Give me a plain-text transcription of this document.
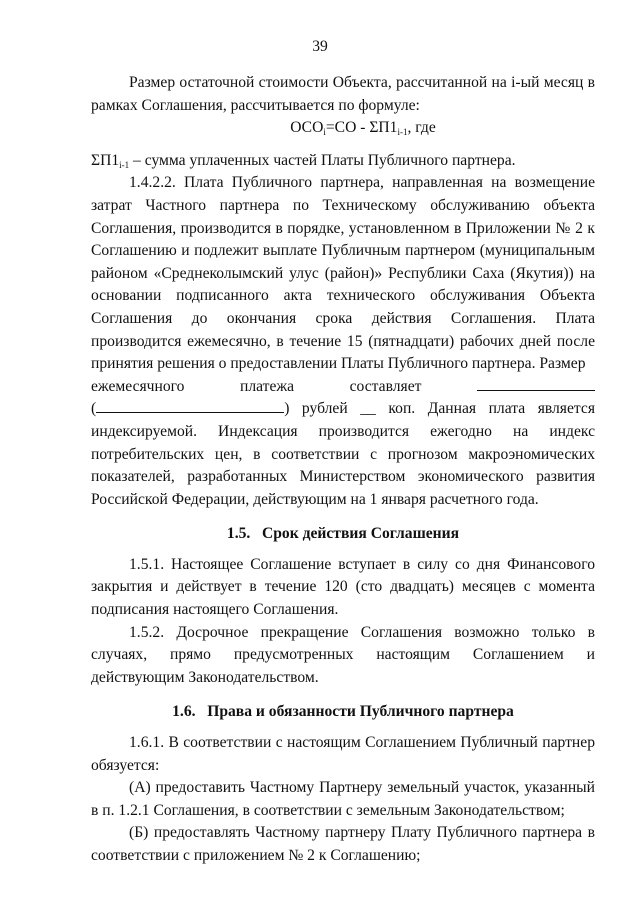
39

Размер остаточной стоимости Объекта, рассчитанной на i-ый месяц в рамках Соглашения, рассчитывается по формуле:

$ОСО_i=СО - \Sigma П1_{i-1}$, где

$\Sigma П1_{i-1}$ – сумма уплаченных частей Платы Публичного партнера.

1.4.2.2. Плата Публичного партнера, направленная на возмещение затрат Частного партнера по Техническому обслуживанию объекта Соглашения, производится в порядке, установленном в Приложении № 2 к Соглашению и подлежит выплате Публичным партнером (муниципальным районом «Среднеколымский улус (район)» Республики Саха (Якутия)) на основании подписанного акта технического обслуживания Объекта Соглашения до окончания срока действия Соглашения. Плата производится ежемесячно, в течение 15 (пятнадцати) рабочих дней после принятия решения о предоставлении Платы Публичного партнера. Размер

ежемесячного	платежа	составляет

(	) рублей __ коп. Данная плата является индексируемой. Индексация производится ежегодно на индекс потребительских цен, в соответствии с прогнозом макроэномических показателей, разработанных Министерством экономического развития Российской Федерации, действующим на 1 января расчетного года.

1.5.   Срок действия Соглашения

1.5.1. Настоящее Соглашение вступает в силу со дня Финансового закрытия и действует в течение 120 (сто двадцать) месяцев с момента подписания настоящего Соглашения.

1.5.2. Досрочное прекращение Соглашения возможно только в случаях, прямо предусмотренных настоящим Соглашением и действующим Законодательством.

1.6.   Права и обязанности Публичного партнера

1.6.1. В соответствии с настоящим Соглашением Публичный партнер обязуется:

(А) предоставить Частному Партнеру земельный участок, указанный в п. 1.2.1 Соглашения, в соответствии с земельным Законодательством;

(Б) предоставлять Частному партнеру Плату Публичного партнера в соответствии с приложением № 2 к Соглашению;
